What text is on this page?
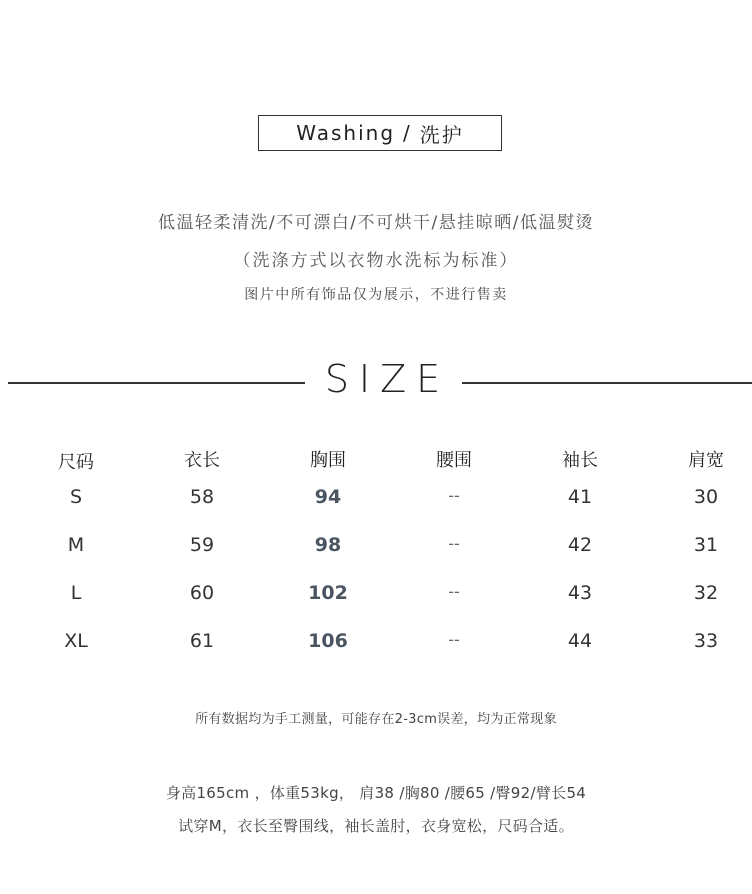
Washing / 洗护
低温轻柔清洗/不可漂白/不可烘干/悬挂晾晒/低温熨烫
（洗涤方式以衣物水洗标为标准）
图片中所有饰品仅为展示，不进行售卖
SIZE
尺码	衣长	胸围	腰围	袖长	肩宽
S	58	94	--	41	30
M	59	98	--	42	31
L	60	102	--	43	32
XL	61	106	--	44	33
所有数据均为手工测量，可能存在2-3cm误差，均为正常现象
身高165cm ，体重53kg， 肩38 /胸80 /腰65 /臀92/臂长54
试穿M，衣长至臀围线，袖长盖肘，衣身宽松，尺码合适。
